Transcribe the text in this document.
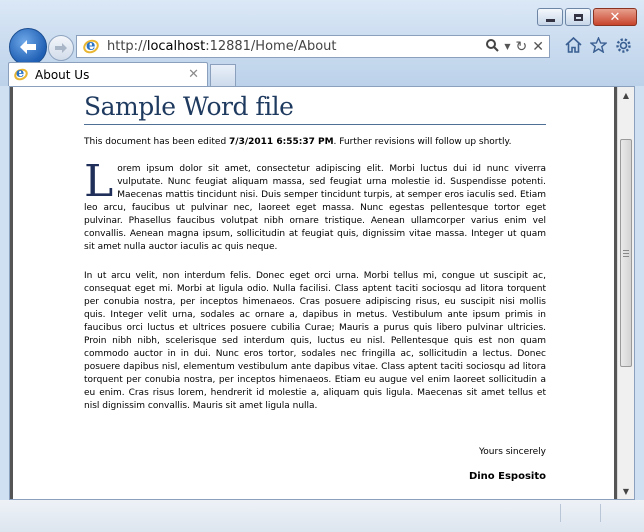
✕
e http://localhost:12881/Home/About	▼ ↻ ✕
e About Us	✕
Sample Word file
This document has been edited 7/3/2011 6:55:37 PM. Further revisions will follow up shortly.
Lorem ipsum dolor sit amet, consectetur adipiscing elit. Morbi luctus dui id nunc viverra vulputate. Nunc feugiat aliquam massa, sed feugiat urna molestie id. Suspendisse potenti. Maecenas mattis tincidunt nisi. Duis semper tincidunt turpis, at semper eros iaculis sed. Etiam leo arcu, faucibus ut pulvinar nec, laoreet eget massa. Nunc egestas pellentesque tortor eget pulvinar. Phasellus faucibus volutpat nibh ornare tristique. Aenean ullamcorper varius enim vel convallis. Aenean magna ipsum, sollicitudin at feugiat quis, dignissim vitae massa. Integer ut quam sit amet nulla auctor iaculis ac quis neque.
In ut arcu velit, non interdum felis. Donec eget orci urna. Morbi tellus mi, congue ut suscipit ac, consequat eget mi. Morbi at ligula odio. Nulla facilisi. Class aptent taciti sociosqu ad litora torquent per conubia nostra, per inceptos himenaeos. Cras posuere adipiscing risus, eu suscipit nisi mollis quis. Integer velit urna, sodales ac ornare a, dapibus in metus. Vestibulum ante ipsum primis in faucibus orci luctus et ultrices posuere cubilia Curae; Mauris a purus quis libero pulvinar ultricies. Proin nibh nibh, scelerisque sed interdum quis, luctus eu nisl. Pellentesque quis est non quam commodo auctor in in dui. Nunc eros tortor, sodales nec fringilla ac, sollicitudin a lectus. Donec posuere dapibus nisl, elementum vestibulum ante dapibus vitae. Class aptent taciti sociosqu ad litora torquent per conubia nostra, per inceptos himenaeos. Etiam eu augue vel enim laoreet sollicitudin a eu enim. Cras risus lorem, hendrerit id molestie a, aliquam quis ligula. Maecenas sit amet tellus et nisl dignissim convallis. Mauris sit amet ligula nulla.
Yours sincerely
Dino Esposito
▲
▼
